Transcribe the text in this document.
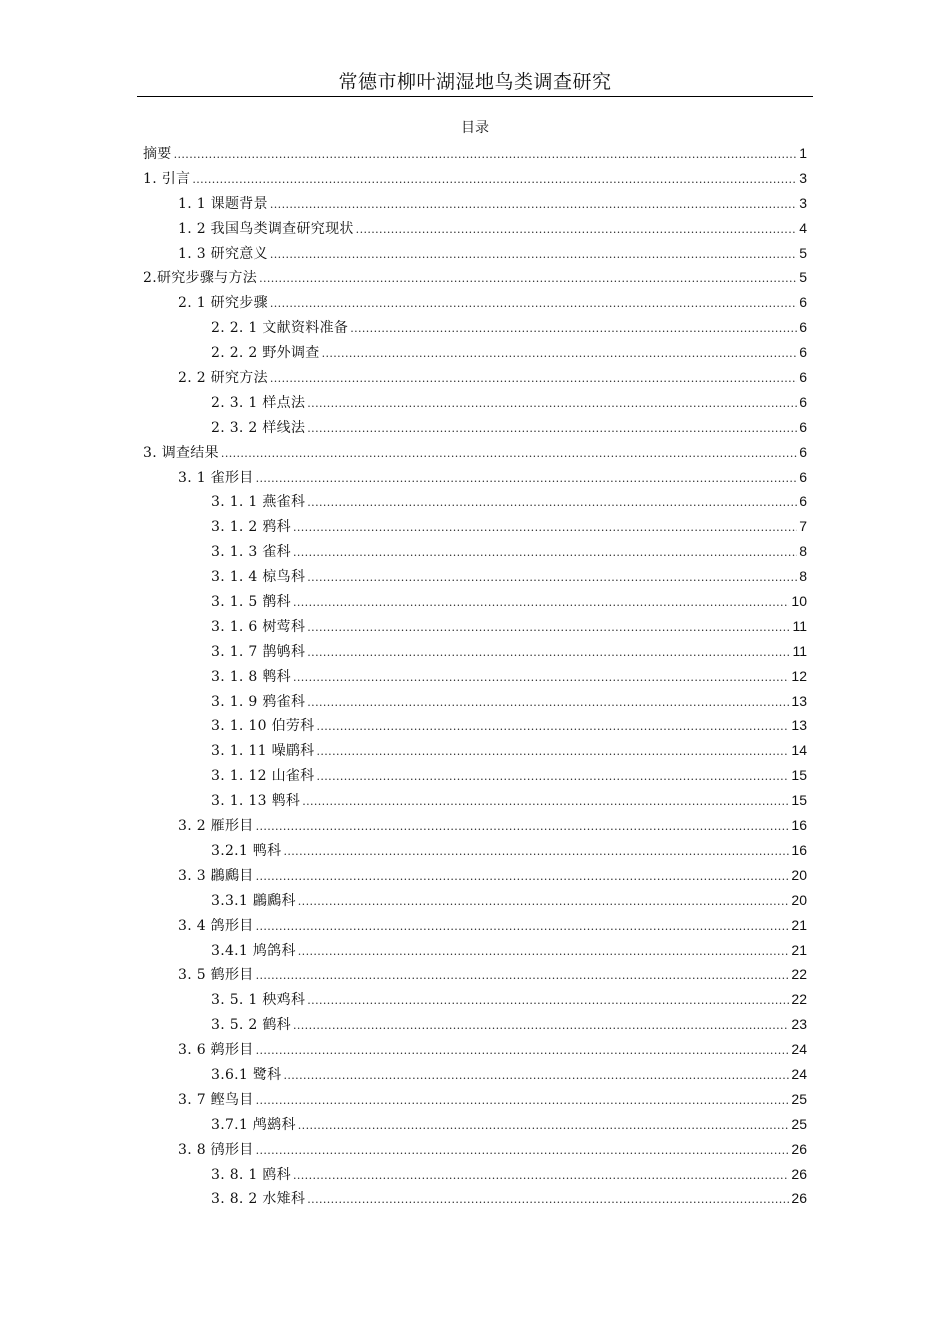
常德市柳叶湖湿地鸟类调查研究
目录
摘要 .....	1
1. 引言 .....	3
1. 1 课题背景 .....	3
1. 2 我国鸟类调查研究现状 .....	4
1. 3 研究意义 .....	5
2.研究步骤与方法 .....	5
2. 1 研究步骤 .....	6
2. 2. 1 文献资料准备 .....	6
2. 2. 2 野外调查 .....	6
2. 2 研究方法 .....	6
2. 3. 1 样点法 .....	6
2. 3. 2 样线法 .....	6
3. 调查结果 .....	6
3. 1 雀形目 .....	6
3. 1. 1 燕雀科 .....	6
3. 1. 2 鸦科 .....	7
3. 1. 3 雀科 .....	8
3. 1. 4 椋鸟科 .....	8
3. 1. 5 鹡科 .....	10
3. 1. 6 树莺科 .....	11
3. 1. 7 鹊鸲科 .....	11
3. 1. 8 鹎科 .....	12
3. 1. 9 鸦雀科 .....	13
3. 1. 10 伯劳科 .....	13
3. 1. 11 噪鹛科 .....	14
3. 1. 12 山雀科 .....	15
3. 1. 13 鹎科 .....	15
3. 2 雁形目 .....	16
3.2.1 鸭科 .....	16
3. 3 鸊鷉目 .....	20
3.3.1 鸊鷉科 .....	20
3. 4 鸽形目 .....	21
3.4.1 鸠鸽科 .....	21
3. 5 鹤形目 .....	22
3. 5. 1 秧鸡科 .....	22
3. 5. 2 鹤科 .....	23
3. 6 鹈形目 .....	24
3.6.1 鹭科 .....	24
3. 7 鲣鸟目 .....	25
3.7.1 鸬鹚科 .....	25
3. 8 鸻形目 .....	26
3. 8. 1 鸥科 .....	26
3. 8. 2 水雉科 .....	26
